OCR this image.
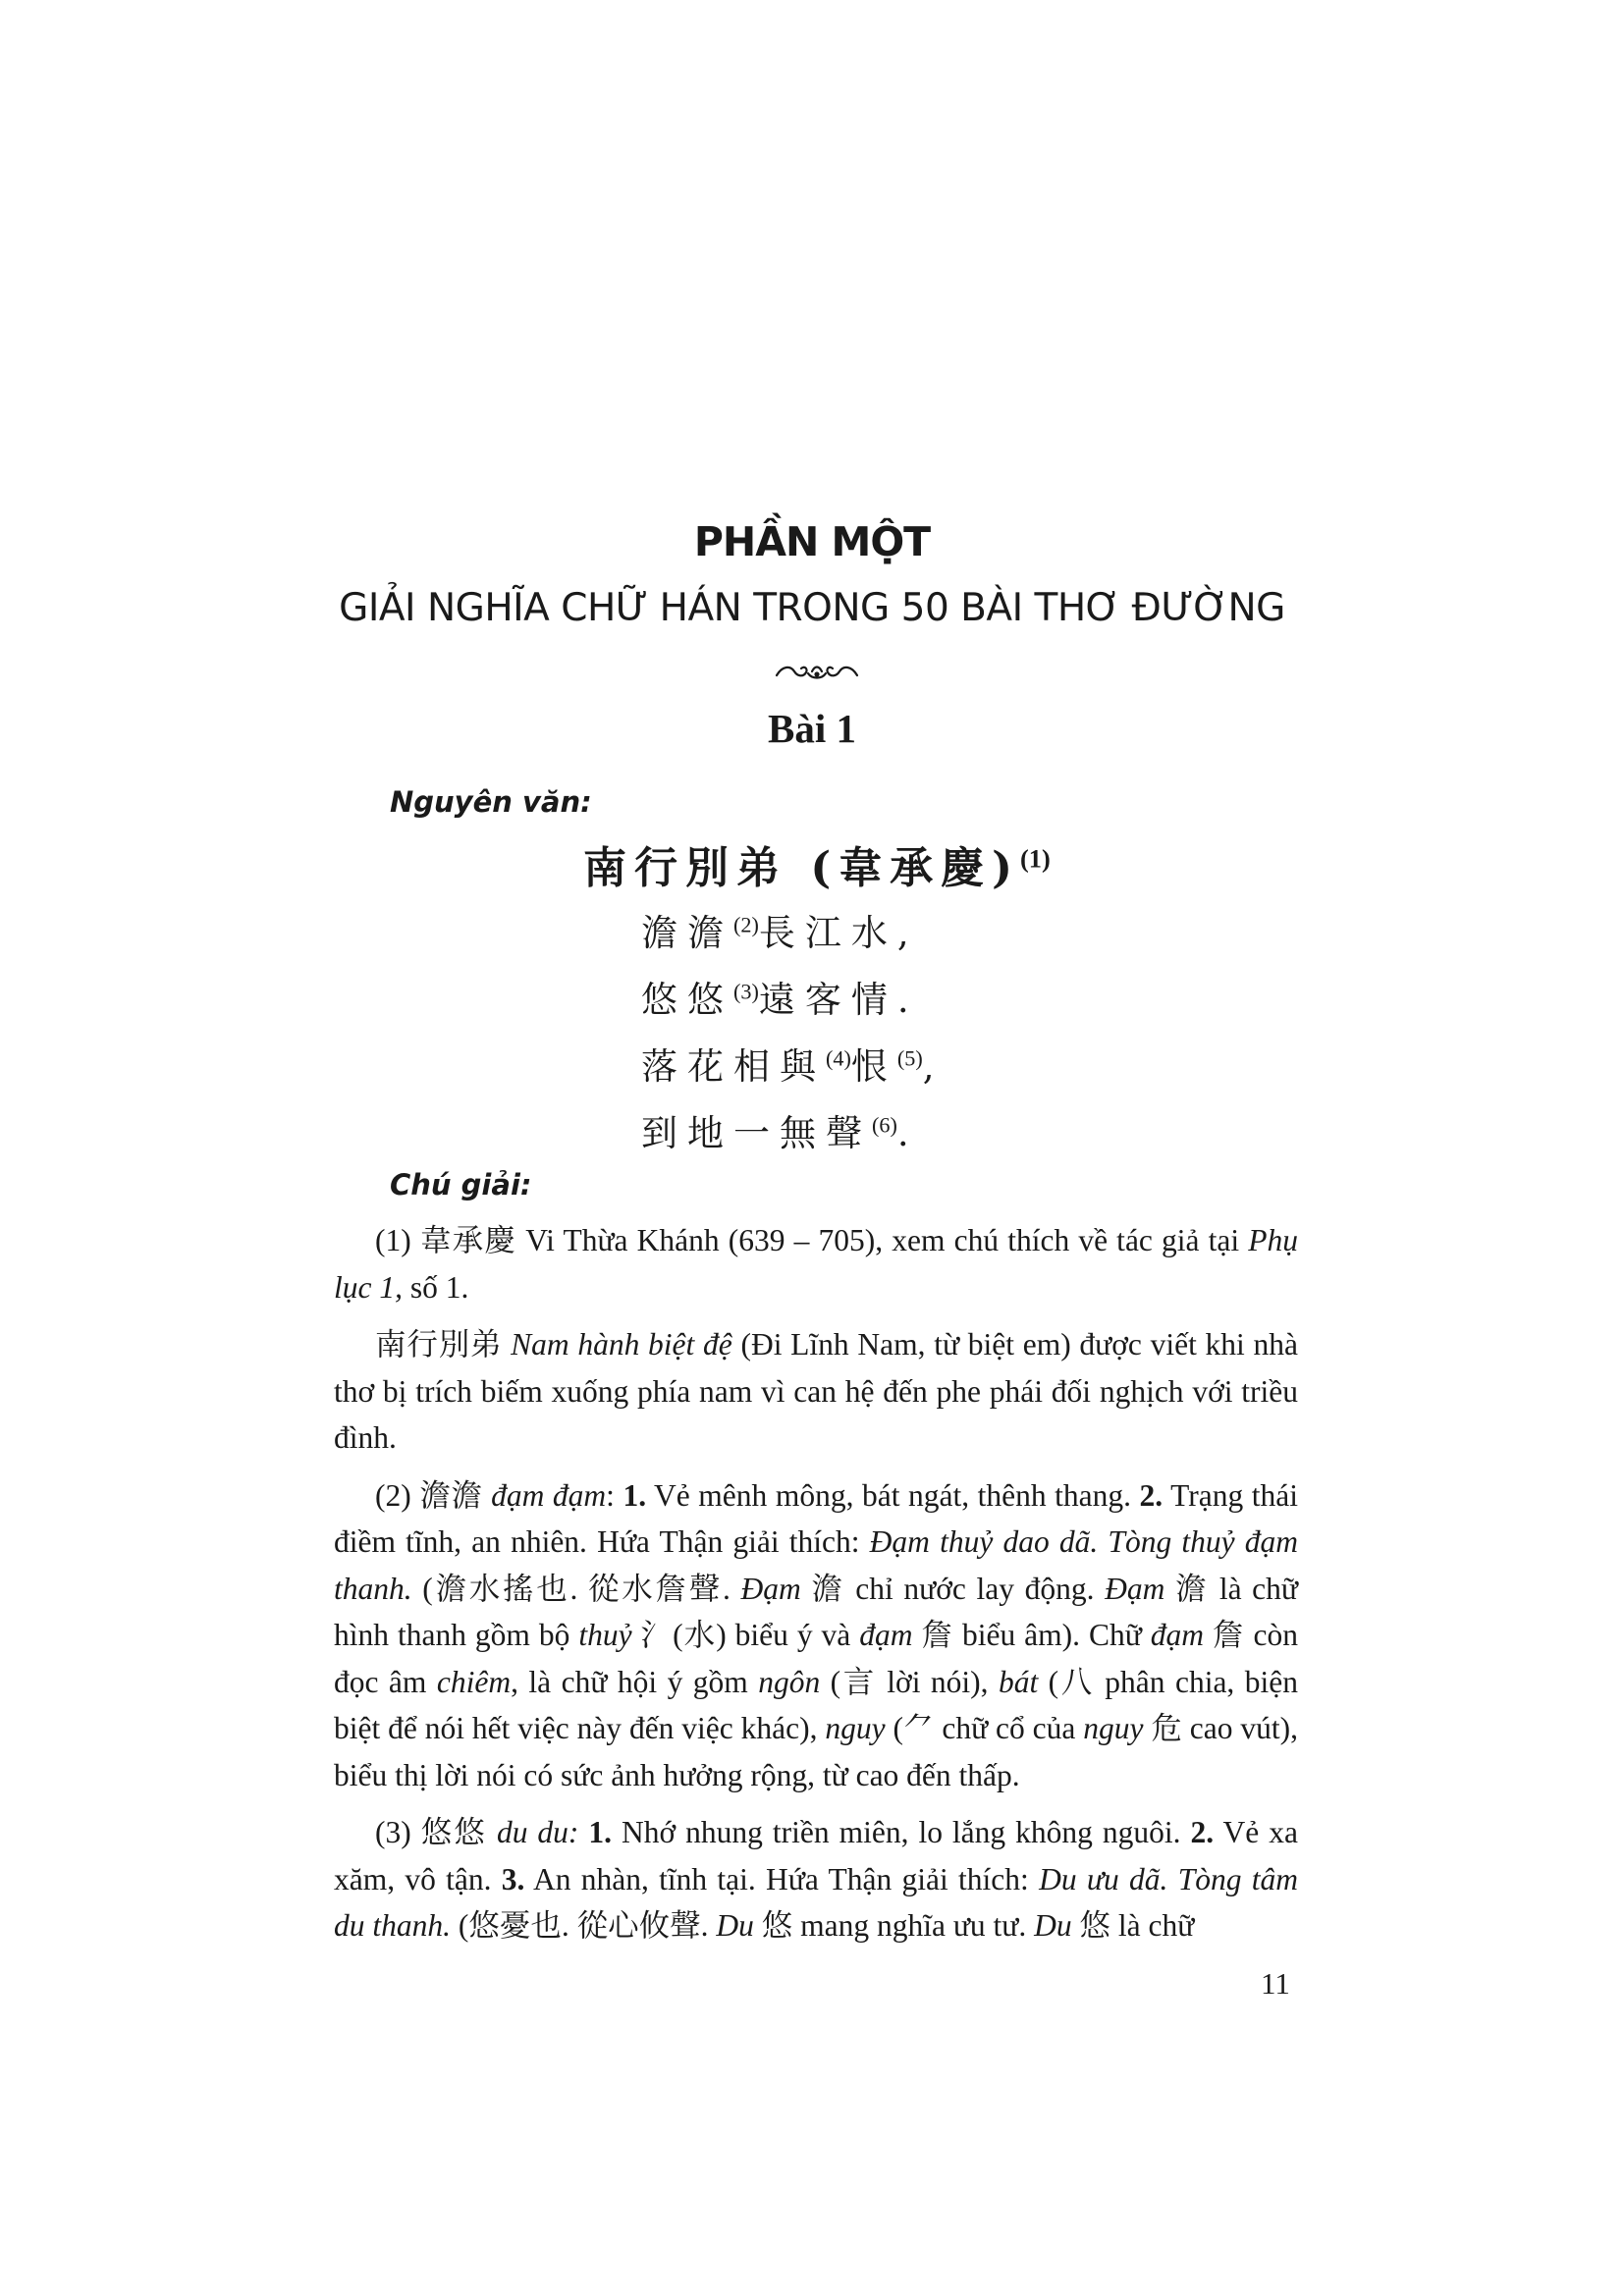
PHẦN MỘT
GIẢI NGHĨA CHỮ HÁN TRONG 50 BÀI THƠ ĐƯỜNG
Bài 1
Nguyên văn:
南行別弟 (韋承慶)$^{(1)}$
澹澹$^{(2)}$長江水,
悠悠$^{(3)}$遠客情.
落花相與$^{(4)}$恨$^{(5)}$,
到地一無聲$^{(6)}$.
Chú giải:

(1) 韋承慶 Vi Thừa Khánh (639 – 705), xem chú thích về tác giả tại Phụ lục 1, số 1.

南行別弟 Nam hành biệt đệ (Đi Lĩnh Nam, từ biệt em) được viết khi nhà thơ bị trích biếm xuống phía nam vì can hệ đến phe phái đối nghịch với triều đình.

(2) 澹澹 đạm đạm: 1. Vẻ mênh mông, bát ngát, thênh thang. 2. Trạng thái điềm tĩnh, an nhiên. Hứa Thận giải thích: Đạm thuỷ dao dã. Tòng thuỷ đạm thanh. (澹水搖也. 從水詹聲. Đạm 澹 chỉ nước lay động. Đạm 澹 là chữ hình thanh gồm bộ thuỷ 氵(水) biểu ý và đạm 詹 biểu âm). Chữ đạm 詹 còn đọc âm chiêm, là chữ hội ý gồm ngôn (言 lời nói), bát (八 phân chia, biện biệt để nói hết việc này đến việc khác), nguy (⺈ chữ cổ của nguy 危 cao vút), biểu thị lời nói có sức ảnh hưởng rộng, từ cao đến thấp.

(3) 悠悠 du du: 1. Nhớ nhung triền miên, lo lắng không nguôi. 2. Vẻ xa xăm, vô tận. 3. An nhàn, tĩnh tại. Hứa Thận giải thích: Du ưu dã. Tòng tâm du thanh. (悠憂也. 從心攸聲. Du 悠 mang nghĩa ưu tư. Du 悠 là chữ

11
